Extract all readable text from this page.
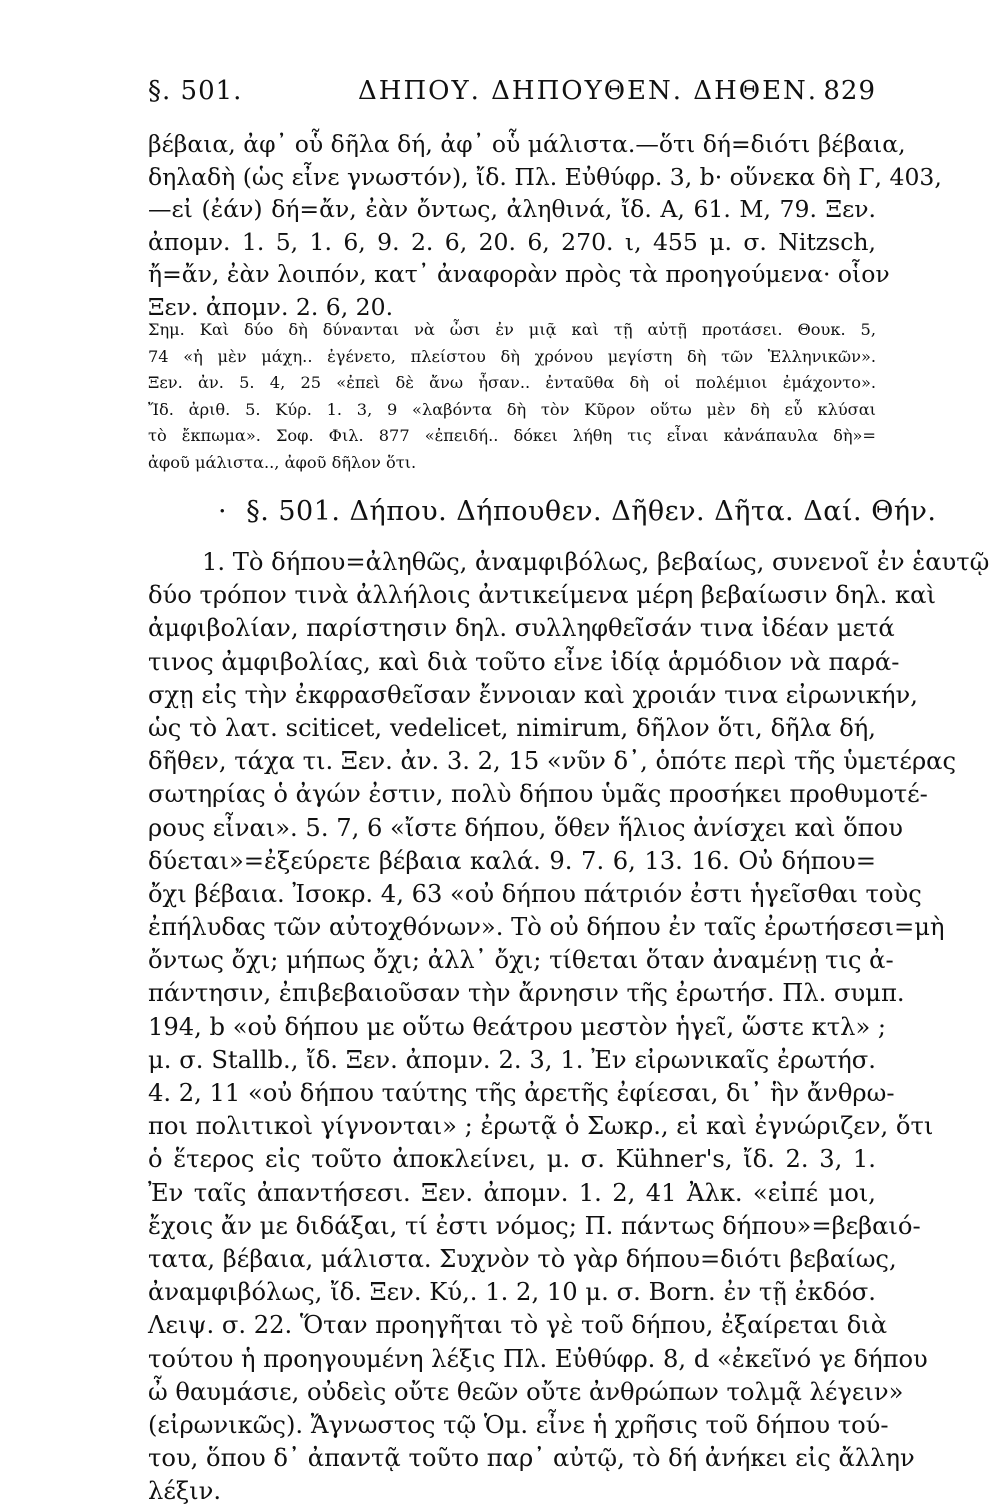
§. 501.	ΔΗΠΟΥ. ΔΗΠΟΥΘΕΝ. ΔΗΘΕΝ. 829
βέβαια, ἀφ᾽ οὗ δῆλα δή, ἀφ᾽ οὗ μάλιστα.—ὅτι δή=διότι βέβαια,
δηλαδὴ (ὡς εἶνε γνωστόν), ἴδ. Πλ. Εὐθύφρ. 3, b· οὕνεκα δὴ Γ, 403,
—εἰ (ἐάν) δή=ἄν, ἐὰν ὄντως, ἀληθινά, ἴδ. Α, 61. Μ, 79. Ξεν.
ἀπομν. 1. 5, 1. 6, 9. 2. 6, 20. 6, 270. ι, 455 μ. σ. Nitzsch,
ἤ=ἄν, ἐὰν λοιπόν, κατ᾽ ἀναφορὰν πρὸς τὰ προηγούμενα· οἷον
Ξεν. ἀπομν. 2. 6, 20.
Σημ. Καὶ δύο δὴ δύνανται νὰ ὦσι ἐν μιᾷ καὶ τῇ αὐτῇ προτάσει. Θουκ. 5,
74 «ἡ μὲν μάχη.. ἐγένετο, πλείστου δὴ χρόνου μεγίστη δὴ τῶν Ἑλληνικῶν».
Ξεν. ἀν. 5. 4, 25 «ἐπεὶ δὲ ἄνω ἦσαν.. ἐνταῦθα δὴ οἱ πολέμιοι ἐμάχοντο».
Ἴδ. ἀριθ. 5. Κύρ. 1. 3, 9 «λαβόντα δὴ τὸν Κῦρον οὕτω μὲν δὴ εὖ κλύσαι
τὸ ἔκπωμα». Σοφ. Φιλ. 877 «ἐπειδή.. δόκει λήθη τις εἶναι κἀνάπαυλα δὴ»=
ἀφοῦ μάλιστα.., ἀφοῦ δῆλον ὅτι.
· §. 501. Δήπου. Δήπουθεν. Δῆθεν. Δῆτα. Δαί. Θήν.
1. Τὸ δήπου=ἀληθῶς, ἀναμφιβόλως, βεβαίως, συνενοῖ ἐν ἑαυτῷ
δύο τρόπον τινὰ ἀλλήλοις ἀντικείμενα μέρη βεβαίωσιν δηλ. καὶ
ἀμφιβολίαν, παρίστησιν δηλ. συλληφθεῖσάν τινα ἰδέαν μετά
τινος ἀμφιβολίας, καὶ διὰ τοῦτο εἶνε ἰδίᾳ ἁρμόδιον νὰ παρά-
σχῃ εἰς τὴν ἐκφρασθεῖσαν ἔννοιαν καὶ χροιάν τινα εἰρωνικήν,
ὡς τὸ λατ. sciticet, vedelicet, nimirum, δῆλον ὅτι, δῆλα δή,
δῆθεν, τάχα τι. Ξεν. ἀν. 3. 2, 15 «νῦν δ᾽, ὁπότε περὶ τῆς ὑμετέρας
σωτηρίας ὁ ἀγών ἐστιν, πολὺ δήπου ὑμᾶς προσήκει προθυμοτέ-
ρους εἶναι». 5. 7, 6 «ἴστε δήπου, ὅθεν ἥλιος ἀνίσχει καὶ ὅπου
δύεται»=ἐξεύρετε βέβαια καλά. 9. 7. 6, 13. 16. Οὐ δήπου=
ὄχι βέβαια. Ἰσοκρ. 4, 63 «οὐ δήπου πάτριόν ἐστι ἡγεῖσθαι τοὺς
ἐπήλυδας τῶν αὐτοχθόνων». Τὸ οὐ δήπου ἐν ταῖς ἐρωτήσεσι=μὴ
ὄντως ὄχι; μήπως ὄχι; ἀλλ᾽ ὄχι; τίθεται ὅταν ἀναμένῃ τις ἀ-
πάντησιν, ἐπιβεβαιοῦσαν τὴν ἄρνησιν τῆς ἐρωτήσ. Πλ. συμπ.
194, b «οὐ δήπου με οὕτω θεάτρου μεστὸν ἡγεῖ, ὥστε κτλ» ;
μ. σ. Stallb., ἴδ. Ξεν. ἀπομν. 2. 3, 1. Ἐν εἰρωνικαῖς ἐρωτήσ.
4. 2, 11 «οὐ δήπου ταύτης τῆς ἀρετῆς ἐφίεσαι, δι᾽ ἣν ἄνθρω-
ποι πολιτικοὶ γίγνονται» ; ἐρωτᾷ ὁ Σωκρ., εἰ καὶ ἐγνώριζεν, ὅτι
ὁ ἕτερος εἰς τοῦτο ἀποκλείνει, μ. σ. Kühner's, ἴδ. 2. 3, 1.
Ἐν ταῖς ἀπαντήσεσι. Ξεν. ἀπομν. 1. 2, 41 Ἀλκ. «εἰπέ μοι,
ἔχοις ἄν με διδάξαι, τί ἐστι νόμος; Π. πάντως δήπου»=βεβαιό-
τατα, βέβαια, μάλιστα. Συχνὸν τὸ γὰρ δήπου=διότι βεβαίως,
ἀναμφιβόλως, ἴδ. Ξεν. Κύ,. 1. 2, 10 μ. σ. Born. ἐν τῇ ἐκδόσ.
Λειψ. σ. 22. Ὅταν προηγῆται τὸ γὲ τοῦ δήπου, ἐξαίρεται διὰ
τούτου ἡ προηγουμένη λέξις Πλ. Εὐθύφρ. 8, d «ἐκεῖνό γε δήπου
ὦ θαυμάσιε, οὐδεὶς οὔτε θεῶν οὔτε ἀνθρώπων τολμᾷ λέγειν»
(εἰρωνικῶς). Ἄγνωστος τῷ Ὁμ. εἶνε ἡ χρῆσις τοῦ δήπου τού-
του, ὅπου δ᾽ ἀπαντᾷ τοῦτο παρ᾽ αὐτῷ, τὸ δή ἀνήκει εἰς ἄλλην
λέξιν.
